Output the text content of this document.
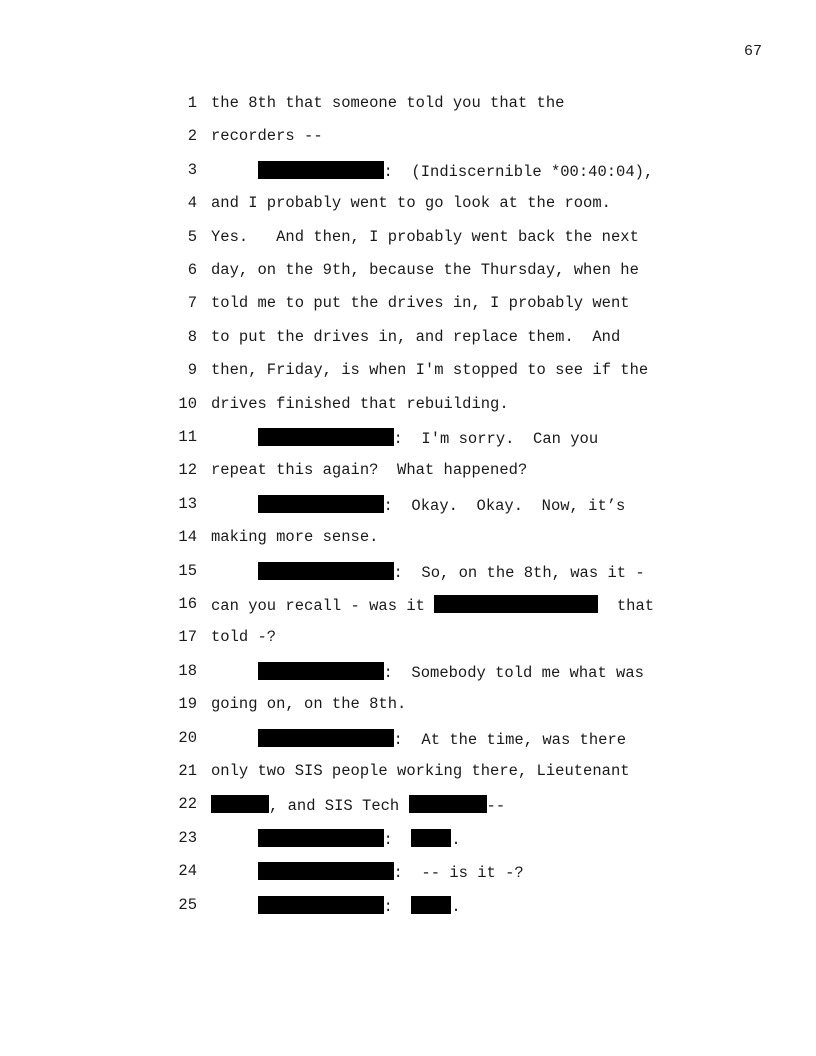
67
1 the 8th that someone told you that the
2 recorders --
3	:  (Indiscernible *00:40:04),
4 and I probably went to go look at the room.
5 Yes.   And then, I probably went back the next
6 day, on the 9th, because the Thursday, when he
7 told me to put the drives in, I probably went
8 to put the drives in, and replace them.  And
9 then, Friday, is when I'm stopped to see if the
10 drives finished that rebuilding.
11	:  I'm sorry.  Can you
12 repeat this again?  What happened?
13	:  Okay.  Okay.  Now, it’s
14 making more sense.
15	:  So, on the 8th, was it -
16 can you recall - was it	that
17 told -?
18	:  Somebody told me what was
19 going on, on the 8th.
20	:  At the time, was there
21 only two SIS people working there, Lieutenant
22	, and SIS Tech	--
23	:	.
24	:  -- is it -?
25	:	.
